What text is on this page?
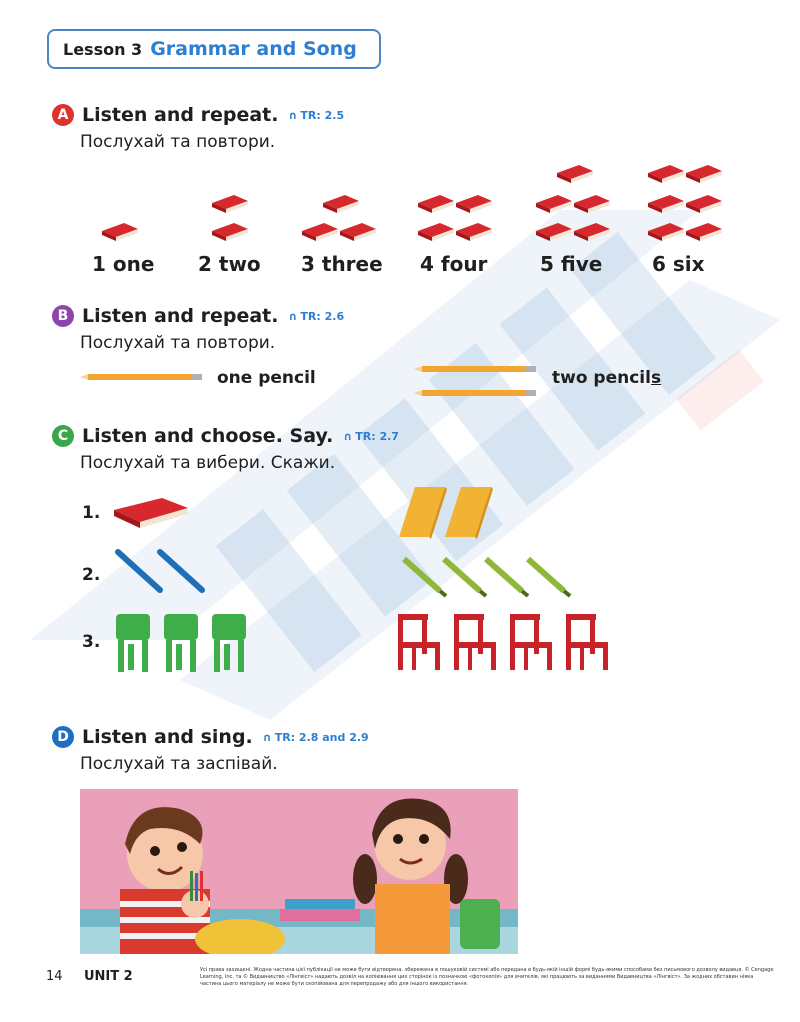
Lesson 3 Grammar and Song
A Listen and repeat. ∩ TR: 2.5
Послухай та повтори.
1 one 2 two 3 three 4 four	5 five 6 six
B Listen and repeat. ∩ TR: 2.6
Послухай та повтори.
one pencil	two pencils
C Listen and choose. Say. ∩ TR: 2.7
Послухай та вибери. Скажи.
1.
2.
3.
D Listen and sing. ∩ TR: 2.8 and 2.9
Послухай та заспівай.
14 UNIT 2	Усі права захищені. Жодна частина цієї публікації не може бути відтворена, збережена в пошуковій системі або передана в будь-якій іншій формі будь-якими способами без письмового дозволу видавця. © Cengage Learning, Inc. та © Видавництво «Лінгвіст» надають дозвіл на копіювання цих сторінок із позначкою «фотокопія» для вчителів, які працюють за виданнями Видавництва «Лінгвіст». За жодних обставин ніяка частина цього матеріалу не може бути скопійована для перепродажу або для іншого використання.
